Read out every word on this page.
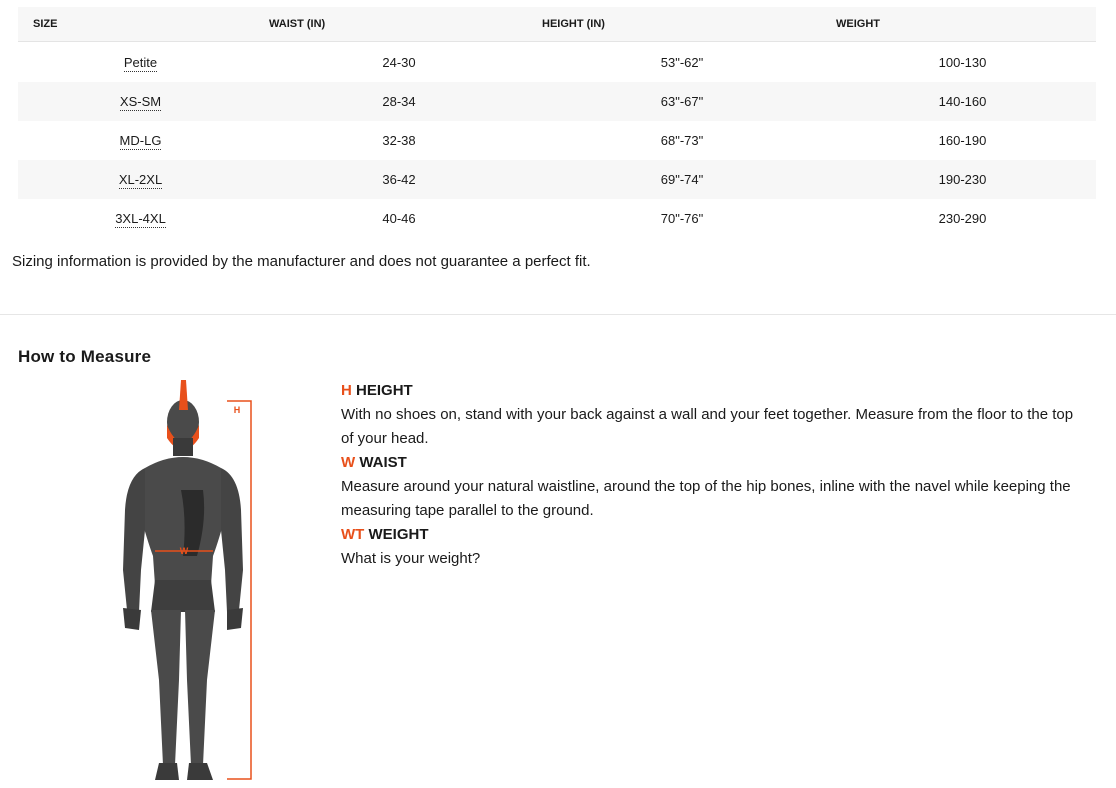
SIZE	WAIST (IN)	HEIGHT (IN)	WEIGHT
Petite	24-30	53"-62"	100-130
XS-SM	28-34	63"-67"	140-160
MD-LG	32-38	68"-73"	160-190
XL-2XL	36-42	69"-74"	190-230
3XL-4XL	40-46	70"-76"	230-290

Sizing information is provided by the manufacturer and does not guarantee a perfect fit.

How to Measure
W
H

H HEIGHT

With no shoes on, stand with your back against a wall and your feet together. Measure from the floor to the top of your head.

W WAIST

Measure around your natural waistline, around the top of the hip bones, inline with the navel while keeping the measuring tape parallel to the ground.

WT WEIGHT

What is your weight?
